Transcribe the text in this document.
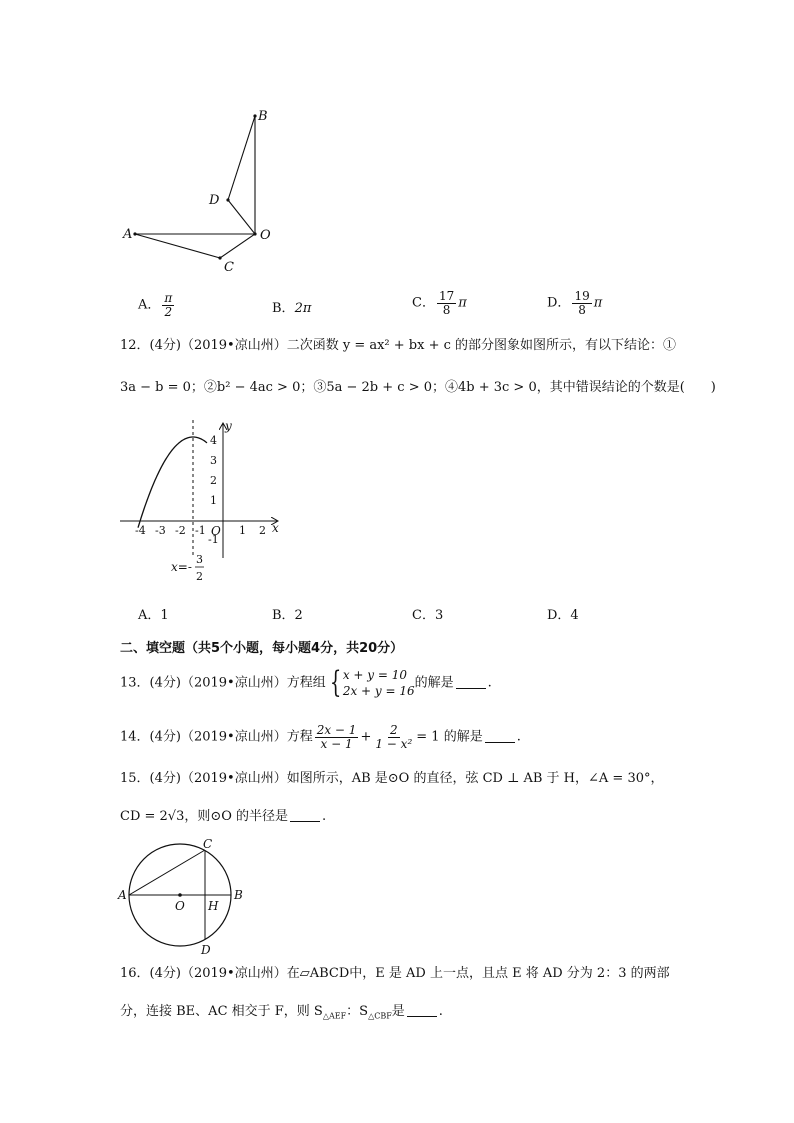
A
B
C
D
O
A． $\frac{\pi}{2}$	B．2π	C． $\frac{17}{8}$ π	D． $\frac{19}{8}$ π
12．(4分)（2019•凉山州）二次函数 y = ax² + bx + c 的部分图象如图所示，有以下结论：①
3a − b = 0；②b² − 4ac > 0；③5a − 2b + c > 0；④4b + 3c > 0，其中错误结论的个数是(　　)
-4 -3 -2 -1	1 2
4
3
2
1
-1
y
x
O
x=-
3
2
A．1	B．2	C．3	D．4
二、填空题（共5个小题，每小题4分，共20分）
13．(4分)（2019•凉山州）方程组 { x + y = 10
2x + y = 16
的解是	.
14．(4分)（2019•凉山州）方程 $\frac{2x - 1}{x - 1} + \frac{2}{\text{1 − x²}} = 1$ 的解是	.
15．(4分)（2019•凉山州）如图所示，AB 是⊙O 的直径，弦 CD ⊥ AB 于 H，∠A = 30°，
CD = 2√3，则⊙O 的半径是	.
A	B
C
D
O H
16．(4分)（2019•凉山州）在▱ABCD中，E 是 AD 上一点，且点 E 将 AD 分为 2：3 的两部
分，连接 BE、AC 相交于 F，则 $S_{\triangle AEF}$：$S_{\triangle CBF}$是	.
